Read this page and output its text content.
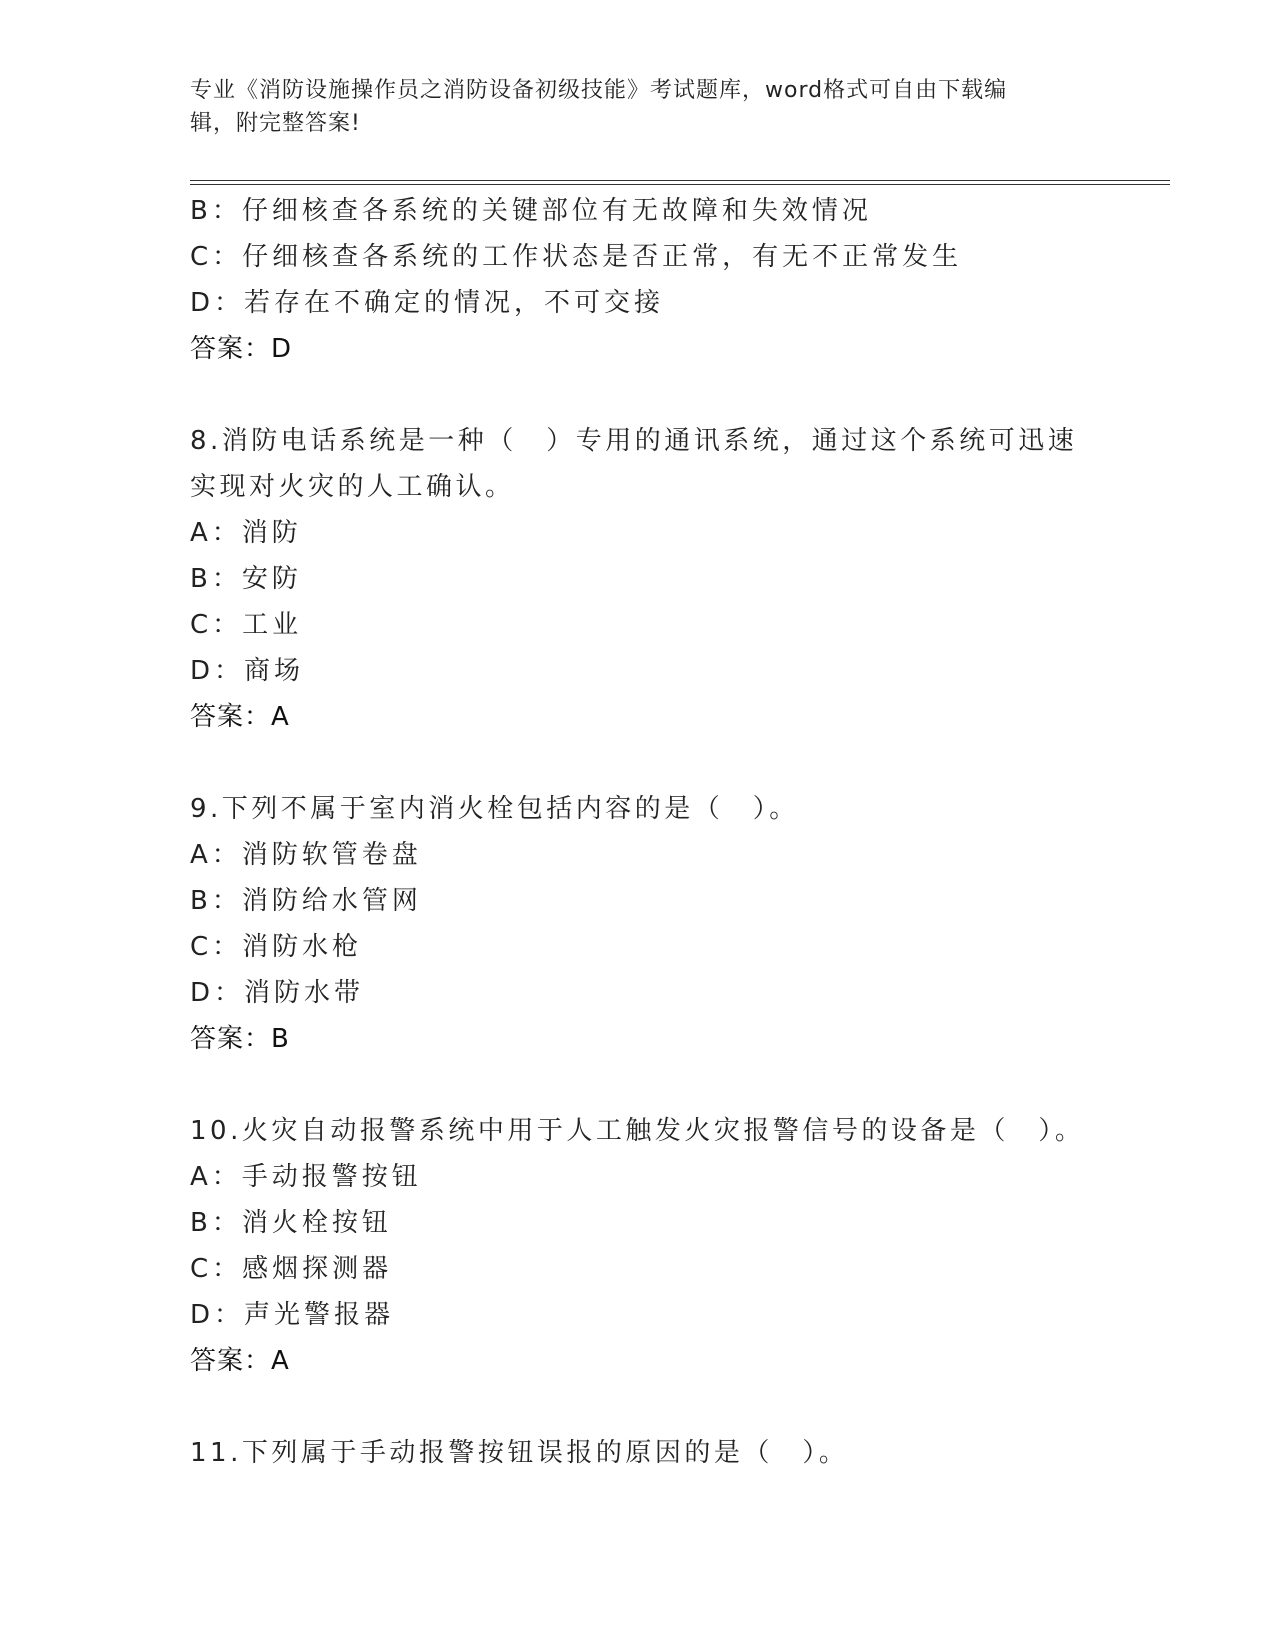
专业《消防设施操作员之消防设备初级技能》考试题库，word格式可自由下载编
辑，附完整答案!
B：仔细核查各系统的关键部位有无故障和失效情况
C：仔细核查各系统的工作状态是否正常，有无不正常发生
D：若存在不确定的情况，不可交接
答案：D
8.消防电话系统是一种（　）专用的通讯系统，通过这个系统可迅速
实现对火灾的人工确认。
A：消防
B：安防
C：工业
D：商场
答案：A
9.下列不属于室内消火栓包括内容的是（　）。
A：消防软管卷盘
B：消防给水管网
C：消防水枪
D：消防水带
答案：B
10.火灾自动报警系统中用于人工触发火灾报警信号的设备是（　）。
A：手动报警按钮
B：消火栓按钮
C：感烟探测器
D：声光警报器
答案：A
11.下列属于手动报警按钮误报的原因的是（　）。
